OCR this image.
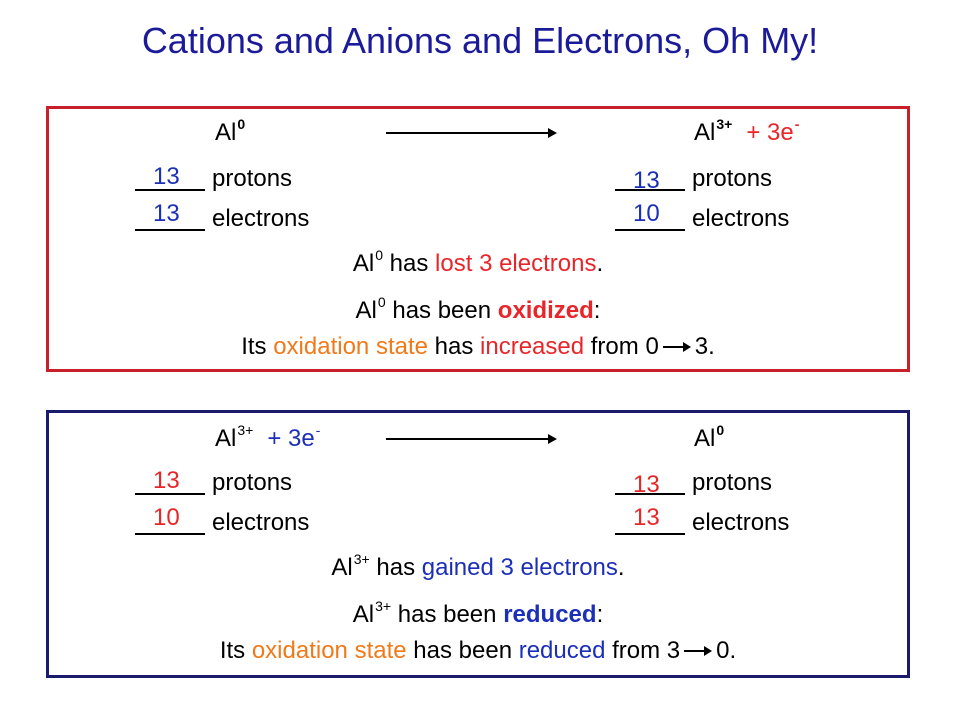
Cations and Anions and Electrons, Oh My!
Al$^0$	$Al^{3+} + 3e^-$
13 protons
13 electrons
13 protons
10 electrons
Al$^0$ has lost 3 electrons.
Al$^0$ has been oxidized:
Its oxidation state has increased from 0 3.
$Al^{3+} + 3e^-$	Al$^0$
13 protons
10 electrons
13 protons
13 electrons
$Al^{3+}$ has gained 3 electrons.
$Al^{3+}$ has been reduced:
Its oxidation state has been reduced from 3 0.
